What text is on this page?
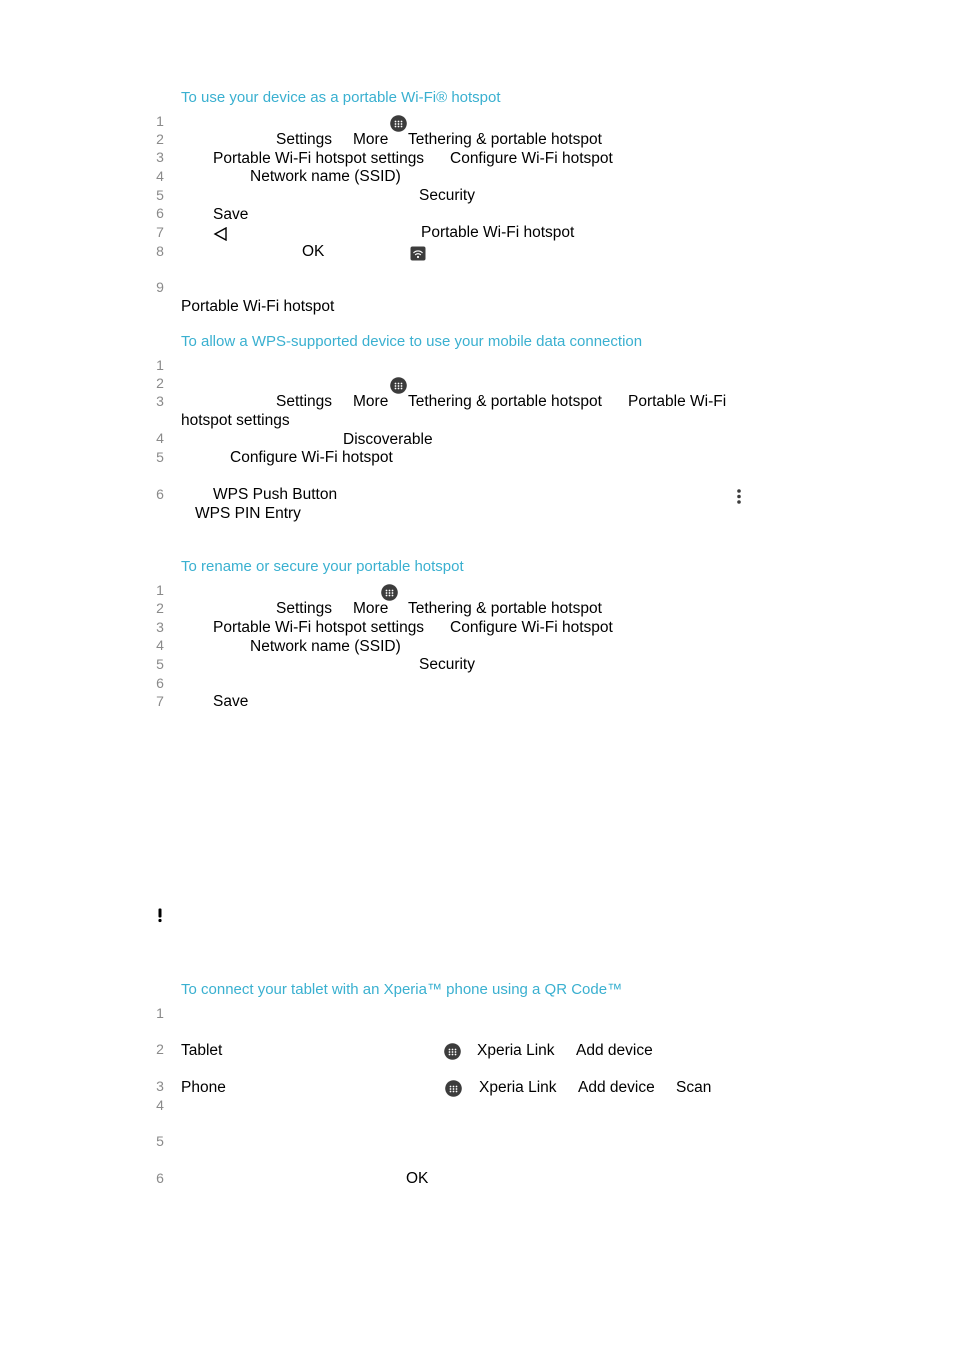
To use your device as a portable Wi-Fi® hotspot
1
2	Settings More Tethering & portable hotspot
3	Portable Wi-Fi hotspot settings Configure Wi-Fi hotspot
4	Network name (SSID)
5	Security
6	Save
7	Portable Wi-Fi hotspot
8	OK
9
Portable Wi-Fi hotspot
To allow a WPS-supported device to use your mobile data connection
1
2
3	Settings More Tethering & portable hotspot Portable Wi-Fi
hotspot settings
4	Discoverable
5	Configure Wi-Fi hotspot
6	WPS Push Button
WPS PIN Entry
To rename or secure your portable hotspot
1
2	Settings More Tethering & portable hotspot
3	Portable Wi-Fi hotspot settings Configure Wi-Fi hotspot
4	Network name (SSID)
5	Security
6
7	Save
To connect your tablet with an Xperia™ phone using a QR Code™
1
2 Tablet	Xperia Link Add device
3 Phone	Xperia Link Add device Scan
4
5
6	OK
